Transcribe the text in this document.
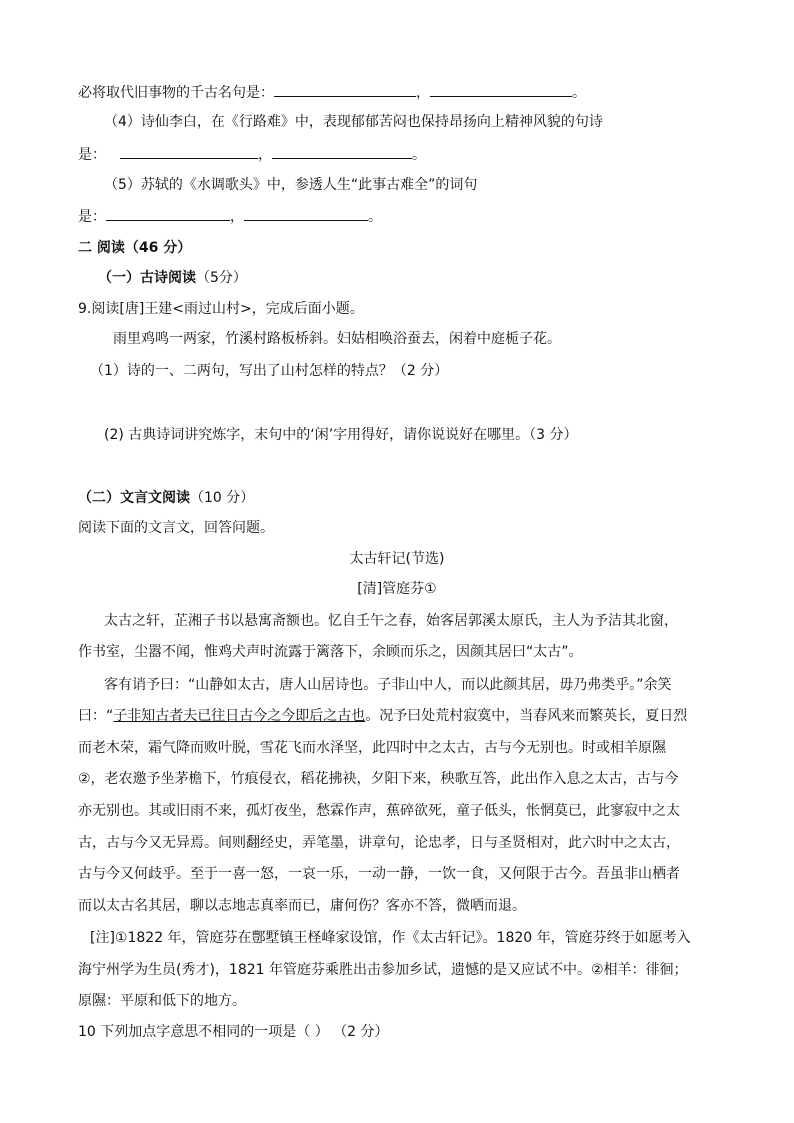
必将取代旧事物的千古名句是：	，	。
（4）诗仙李白，在《行路难》中，表现郁郁苦闷也保持昂扬向上精神风貌的句诗
是：	，	。
（5）苏轼的《水调歌头》中，参透人生“此事古难全”的词句
是：	，	。
二 阅读（46 分）
（一）古诗阅读（5分）
9.阅读[唐]王建<雨过山村>，完成后面小题。
雨里鸡鸣一两家，竹溪村路板桥斜。妇姑相唤浴蚕去，闲着中庭栀子花。
（1）诗的一、二两句，写出了山村怎样的特点？（2 分）
(2) 古典诗词讲究炼字，末句中的‘闲’字用得好，请你说说好在哪里。（3 分）
（二）文言文阅读（10 分）
阅读下面的文言文，回答问题。
太古轩记(节选)
[清]管庭芬①
太古之轩，芷湘子书以悬寓斋额也。忆自壬午之春，始客居郭溪太原氏，主人为予洁其北窗，
作书室，尘嚣不闻，惟鸡犬声时流露于篱落下，余顾而乐之，因颜其居曰“太古”。
客有诮予曰：“山静如太古，唐人山居诗也。子非山中人，而以此颜其居，毋乃弗类乎。”余笑
曰：“子非知古者夫已往日古今之今即后之古也。况予曰处荒村寂寞中，当春风来而繁英长，夏日烈
而老木荣，霜气降而败叶脱，雪花飞而水泽坚，此四时中之太古，古与今无别也。时或相羊原隰
②，老农邀予坐茅檐下，竹痕侵衣，稻花拂袂，夕阳下来，秧歌互答，此出作入息之太古，古与今
亦无别也。其或旧雨不来，孤灯夜坐，愁霖作声，蕉碎欲死，童子低头，怅惘莫已，此寥寂中之太
古，古与今又无异焉。间则翻经史，弄笔墨，讲章句，论忠孝，日与圣贤相对，此六时中之太古，
古与今又何歧乎。至于一喜一怒，一哀一乐，一动一静，一饮一食，又何限于古今。吾虽非山栖者
而以太古名其居，聊以志地志真率而已，庸何伤？客亦不答，微哂而退。
[注]①1822 年，管庭芬在鄷墅镇王柽峰家设馆，作《太古轩记》。1820 年，管庭芬终于如愿考入
海宁州学为生员(秀才)，1821 年管庭芬乘胜出击参加乡试，遗憾的是又应试不中。②相羊：徘徊；
原隰：平原和低下的地方。
10 下列加点字意思不相同的一项是（ ） （2 分）
